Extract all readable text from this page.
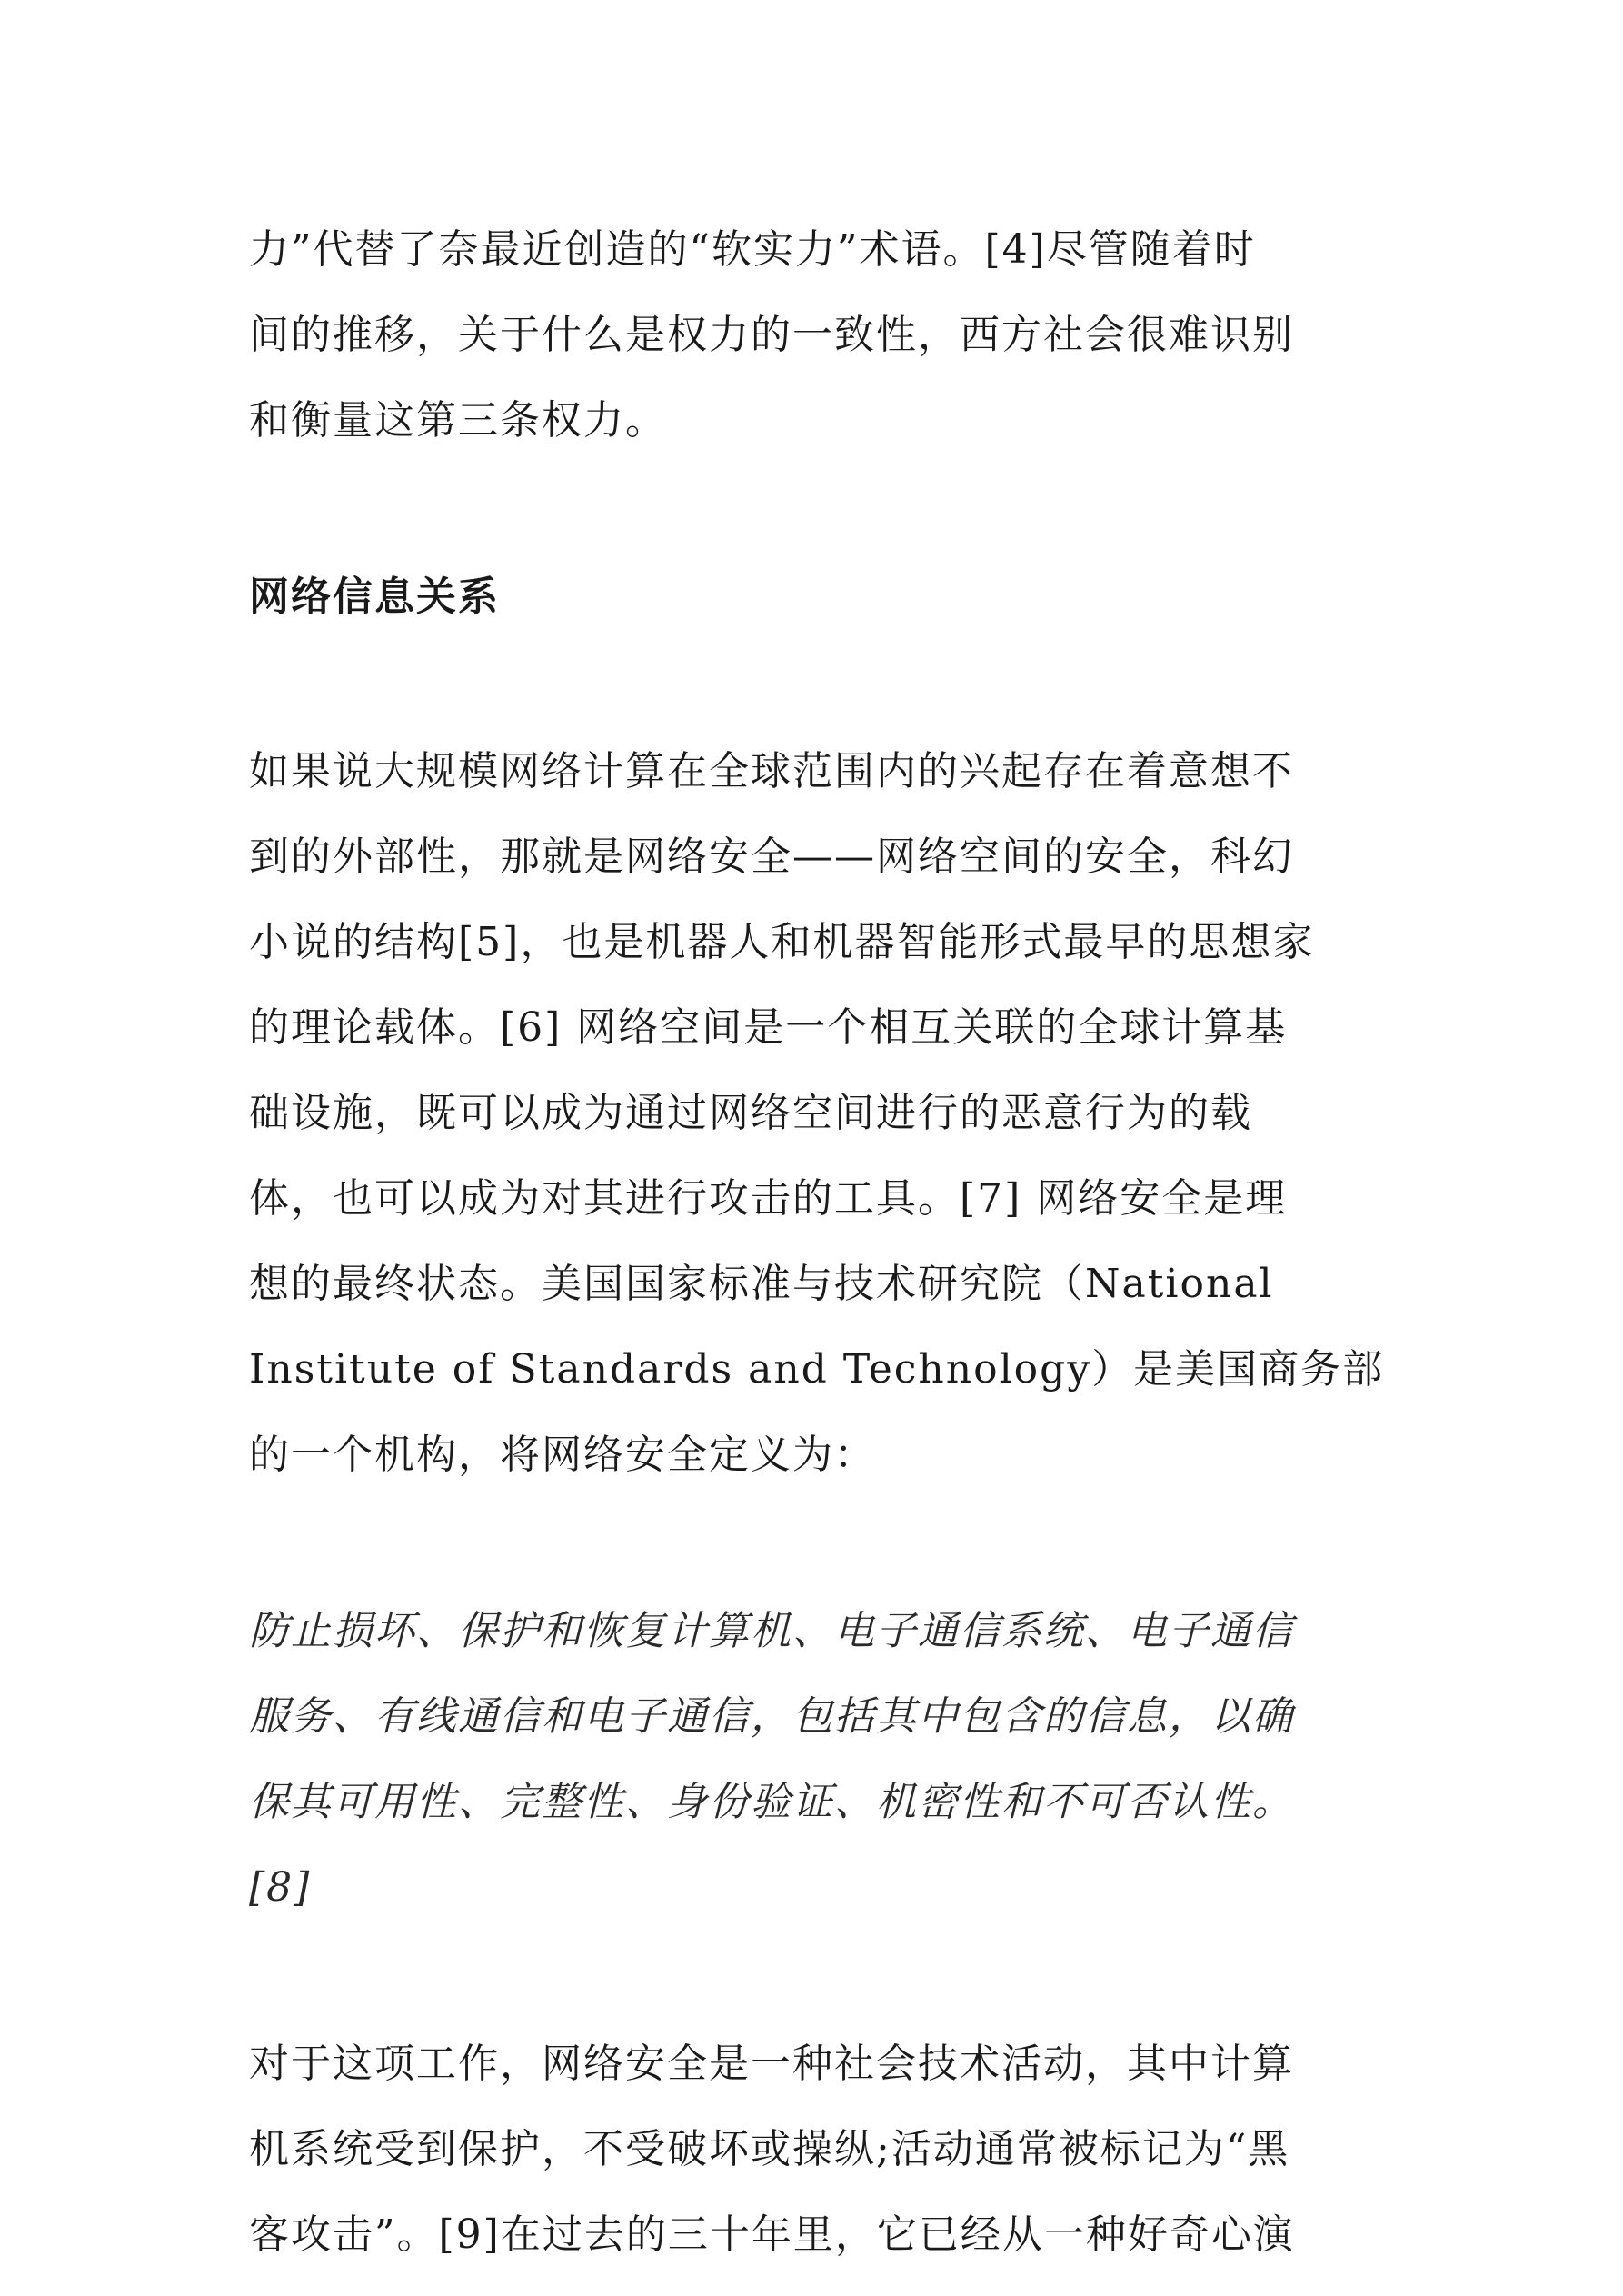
力”代替了奈最近创造的“软实力”术语。[4]尽管随着时
间的推移，关于什么是权力的一致性，西方社会很难识别
和衡量这第三条权力。
网络信息关系
如果说大规模网络计算在全球范围内的兴起存在着意想不
到的外部性，那就是网络安全——网络空间的安全，科幻
小说的结构[5]，也是机器人和机器智能形式最早的思想家
的理论载体。[6] 网络空间是一个相互关联的全球计算基
础设施，既可以成为通过网络空间进行的恶意行为的载
体，也可以成为对其进行攻击的工具。[7] 网络安全是理
想的最终状态。美国国家标准与技术研究院（National
Institute of Standards and Technology）是美国商务部
的一个机构，将网络安全定义为：
防止损坏、保护和恢复计算机、电子通信系统、电子通信
服务、有线通信和电子通信，包括其中包含的信息，以确
保其可用性、完整性、身份验证、机密性和不可否认性。
[8]
对于这项工作，网络安全是一种社会技术活动，其中计算
机系统受到保护，不受破坏或操纵;活动通常被标记为“黑
客攻击”。[9]在过去的三十年里，它已经从一种好奇心演
